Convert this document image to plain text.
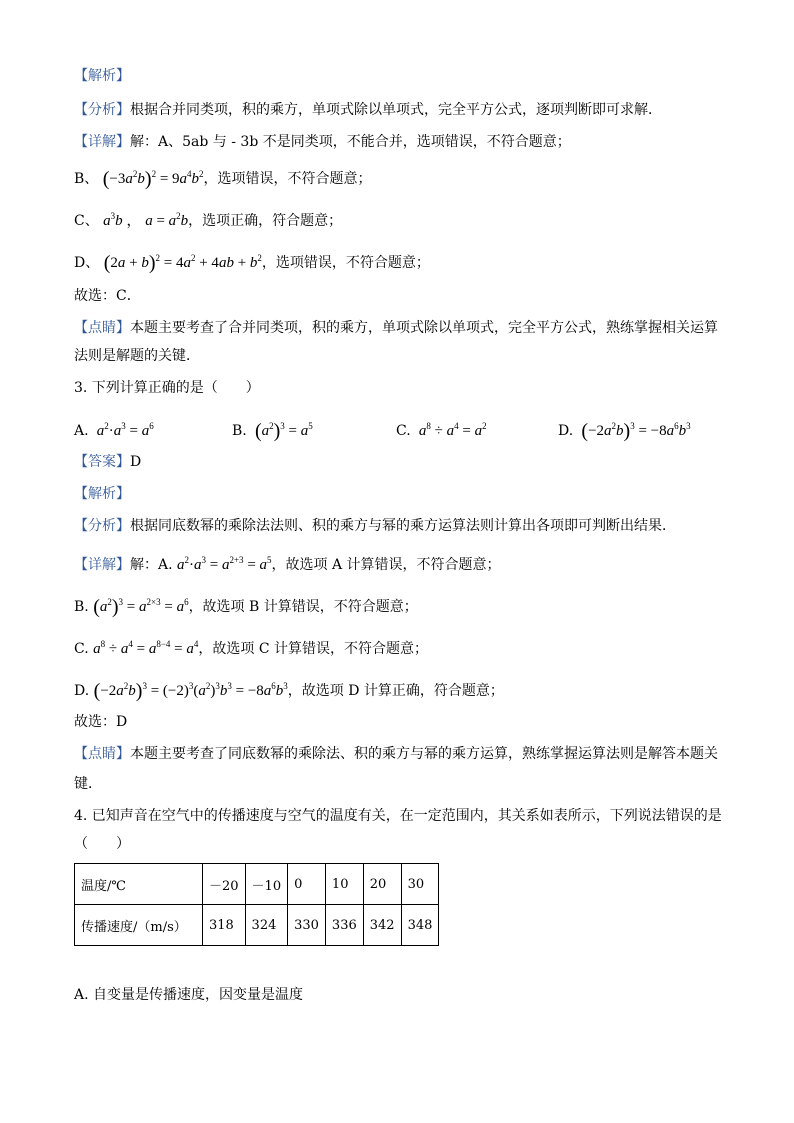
【解析】
【分析】根据合并同类项，积的乘方，单项式除以单项式，完全平方公式，逐项判断即可求解．
【详解】解：A、5ab 与 - 3b 不是同类项，不能合并，选项错误，不符合题意；
B、 $(-3a^2b)^2 = 9a^4b^2$，选项错误，不符合题意；
C、 $a^3b$ ， $a = a^2b$，选项正确，符合题意；
D、 $(2a + b)^2 = 4a^2 + 4ab + b^2$，选项错误，不符合题意；
故选：C．
【点睛】本题主要考查了合并同类项，积的乘方，单项式除以单项式，完全平方公式，熟练掌握相关运算
法则是解题的关键．
3. 下列计算正确的是（　　）
A.  $a^2\cdot a^3 = a^6$	B. $(a^2)^3 = a^5$	C.  $a^8 \div a^4 = a^2$	D. $(-2a^2b)^3 = -8a^6b^3$
【答案】D
【解析】
【分析】根据同底数幂的乘除法法则、积的乘方与幂的乘方运算法则计算出各项即可判断出结果．
【详解】解：A. $a^2\cdot a^3 = a^{2+3} = a^5$，故选项 A 计算错误，不符合题意；
B. $(a^2)^3 = a^{2\times 3} = a^6$，故选项 B 计算错误，不符合题意；
C. $a^8 \div a^4 = a^{8-4} = a^4$，故选项 C 计算错误，不符合题意；
D. $(-2a^2b)^3 = (-2)^3(a^2)^3b^3 = -8a^6b^3$，故选项 D 计算正确，符合题意；
故选：D
【点睛】本题主要考查了同底数幂的乘除法、积的乘方与幂的乘方运算，熟练掌握运算法则是解答本题关
键．
4. 已知声音在空气中的传播速度与空气的温度有关，在一定范围内，其关系如表所示，下列说法错误的是
（　　）
温度/℃	－20	－10	0	10	20	30
传播速度/（m/s）	318	324	330	336	342	348
A. 自变量是传播速度，因变量是温度
